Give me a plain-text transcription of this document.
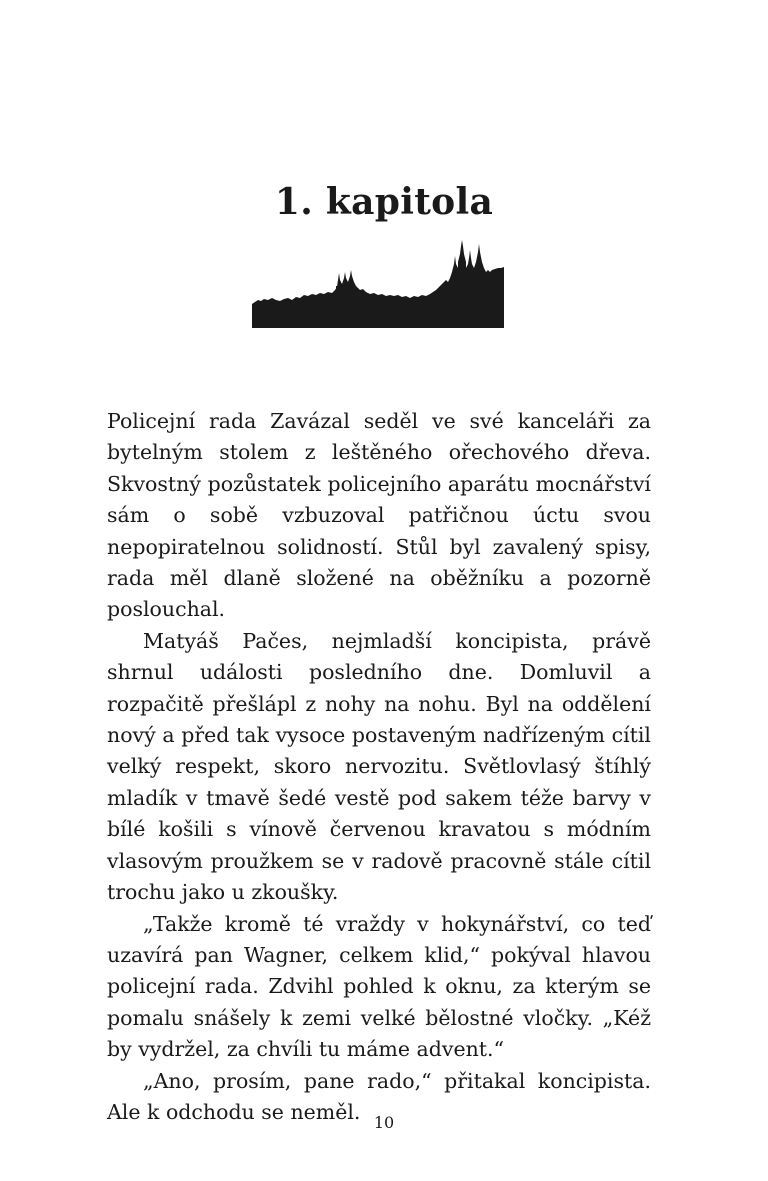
1. kapitola

Policejní rada Zavázal seděl ve své kanceláři za bytelným stolem z leštěného ořechového dřeva. Skvostný pozůstatek policejního aparátu mocnářství sám o sobě vzbuzoval patřičnou úctu svou nepopiratelnou solidností. Stůl byl zavalený spisy, rada měl dlaně složené na oběžníku a pozorně poslouchal.

Matyáš Pačes, nejmladší koncipista, právě shrnul události posledního dne. Domluvil a rozpačitě přešlápl z nohy na nohu. Byl na oddělení nový a před tak vysoce postaveným nadřízeným cítil velký respekt, skoro nervozitu. Světlovlasý štíhlý mladík v tmavě šedé vestě pod sakem téže barvy v bílé košili s vínově červenou kravatou s módním vlasovým proužkem se v radově pracovně stále cítil trochu jako u zkoušky.

„Takže kromě té vraždy v hokynářství, co teď uzavírá pan Wagner, celkem klid,“ pokýval hlavou policejní rada. Zdvihl pohled k oknu, za kterým se pomalu snášely k zemi velké bělostné vločky. „Kéž by vydržel, za chvíli tu máme advent.“

„Ano, prosím, pane rado,“ přitakal koncipista. Ale k odchodu se neměl. 10
